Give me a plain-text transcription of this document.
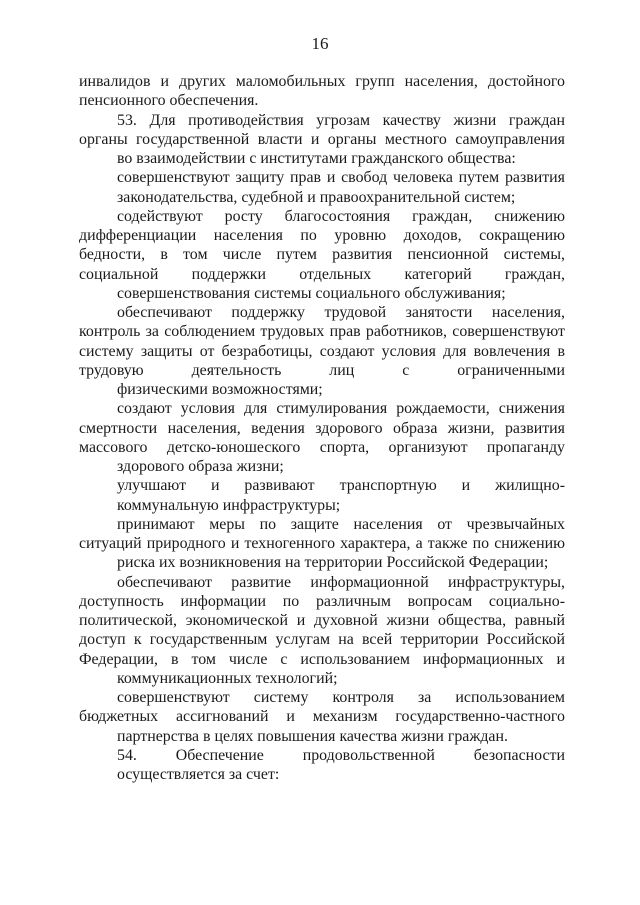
16

инвалидов и других маломобильных групп населения, достойного
пенсионного обеспечения.

53. Для противодействия угрозам качеству жизни граждан органы государственной власти и органы местного самоуправления
во взаимодействии с институтами гражданского общества:

совершенствуют защиту прав и свобод человека путем развития
законодательства, судебной и правоохранительной систем;

содействуют росту благосостояния граждан, снижению дифференциации населения по уровню доходов, сокращению бедности, в том числе путем развития пенсионной системы, социальной поддержки отдельных категорий граждан,
совершенствования системы социального обслуживания;

обеспечивают поддержку трудовой занятости населения, контроль за соблюдением трудовых прав работников, совершенствуют систему защиты от безработицы, создают условия для вовлечения в трудовую деятельность лиц с ограниченными
физическими возможностями;

создают условия для стимулирования рождаемости, снижения смертности населения, ведения здорового образа жизни, развития массового детско-юношеского спорта, организуют пропаганду
здорового образа жизни;

улучшают и развивают транспортную и жилищно-
коммунальную инфраструктуры;

принимают меры по защите населения от чрезвычайных ситуаций природного и техногенного характера, а также по снижению
риска их возникновения на территории Российской Федерации;

обеспечивают развитие информационной инфраструктуры, доступность информации по различным вопросам социально- политической, экономической и духовной жизни общества, равный доступ к государственным услугам на всей территории Российской Федерации, в том числе с использованием информационных и
коммуникационных технологий;

совершенствуют систему контроля за использованием бюджетных ассигнований и механизм государственно-частного
партнерства в целях повышения качества жизни граждан.

54. Обеспечение продовольственной безопасности
осуществляется за счет:
